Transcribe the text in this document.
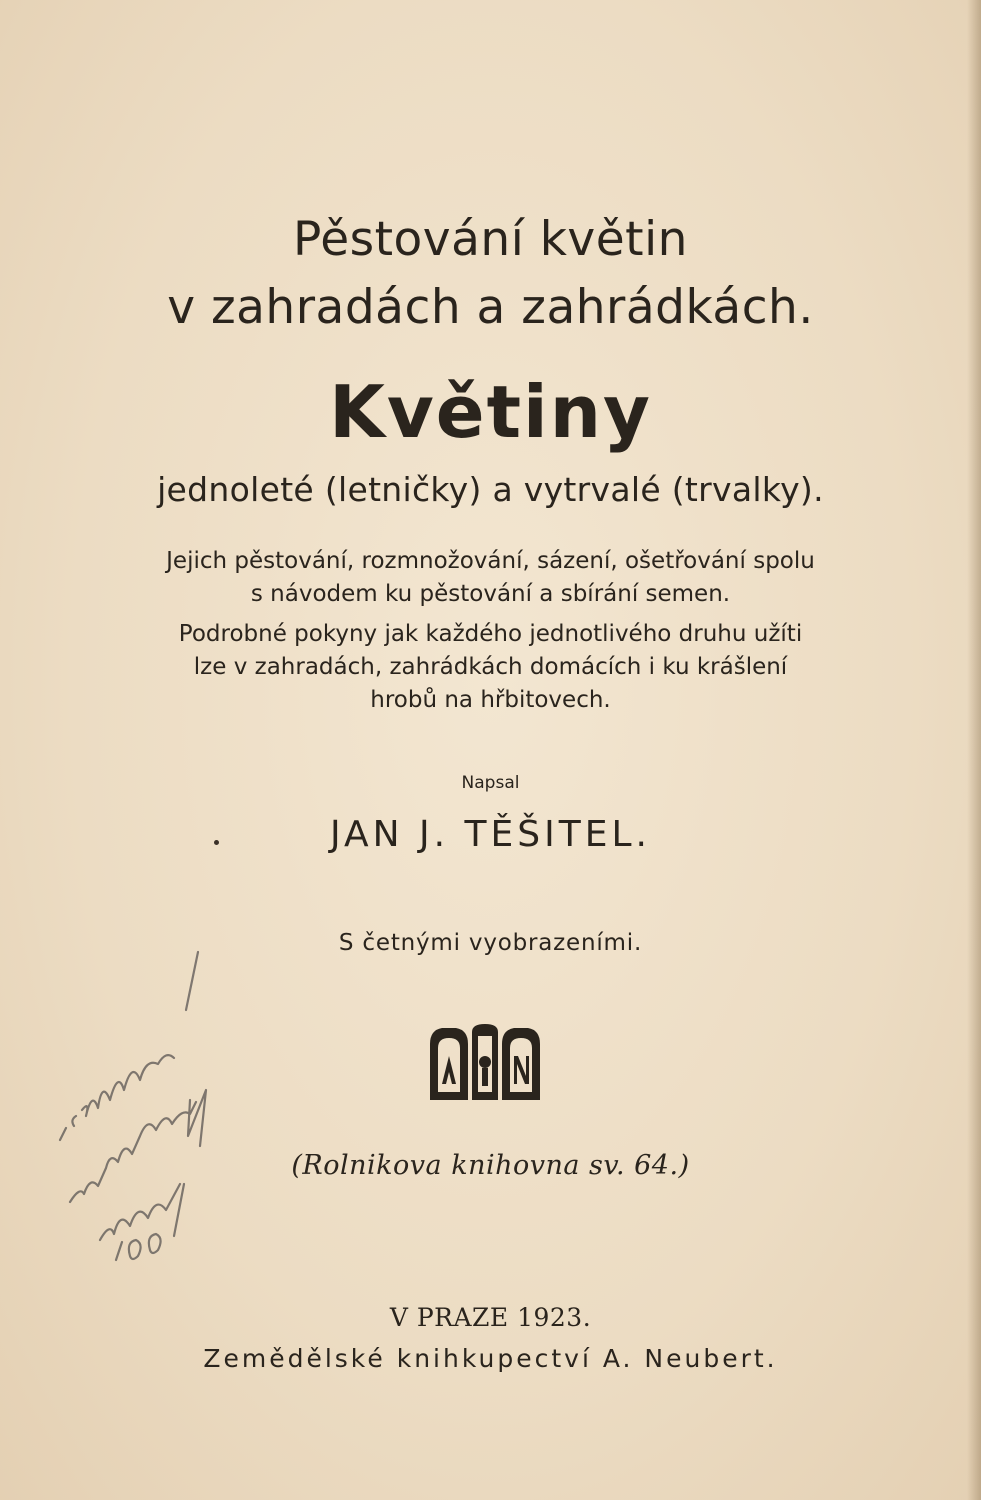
Pěstování květin
v zahradách a zahrádkách.
Květiny
jednoleté (letničky) a vytrvalé (trvalky).
Jejich pěstování, rozmnožování, sázení, ošetřování spolu
s návodem ku pěstování a sbírání semen.
Podrobné pokyny jak každého jednotlivého druhu užíti
lze v zahradách, zahrádkách domácích i ku krášlení
hrobů na hřbitovech.
Napsal
JAN J. TĚŠITEL.
S četnými vyobrazeními.
(Rolnikova knihovna sv. 64.)
V PRAZE 1923.
Zemědělské knihkupectví A. Neubert.
